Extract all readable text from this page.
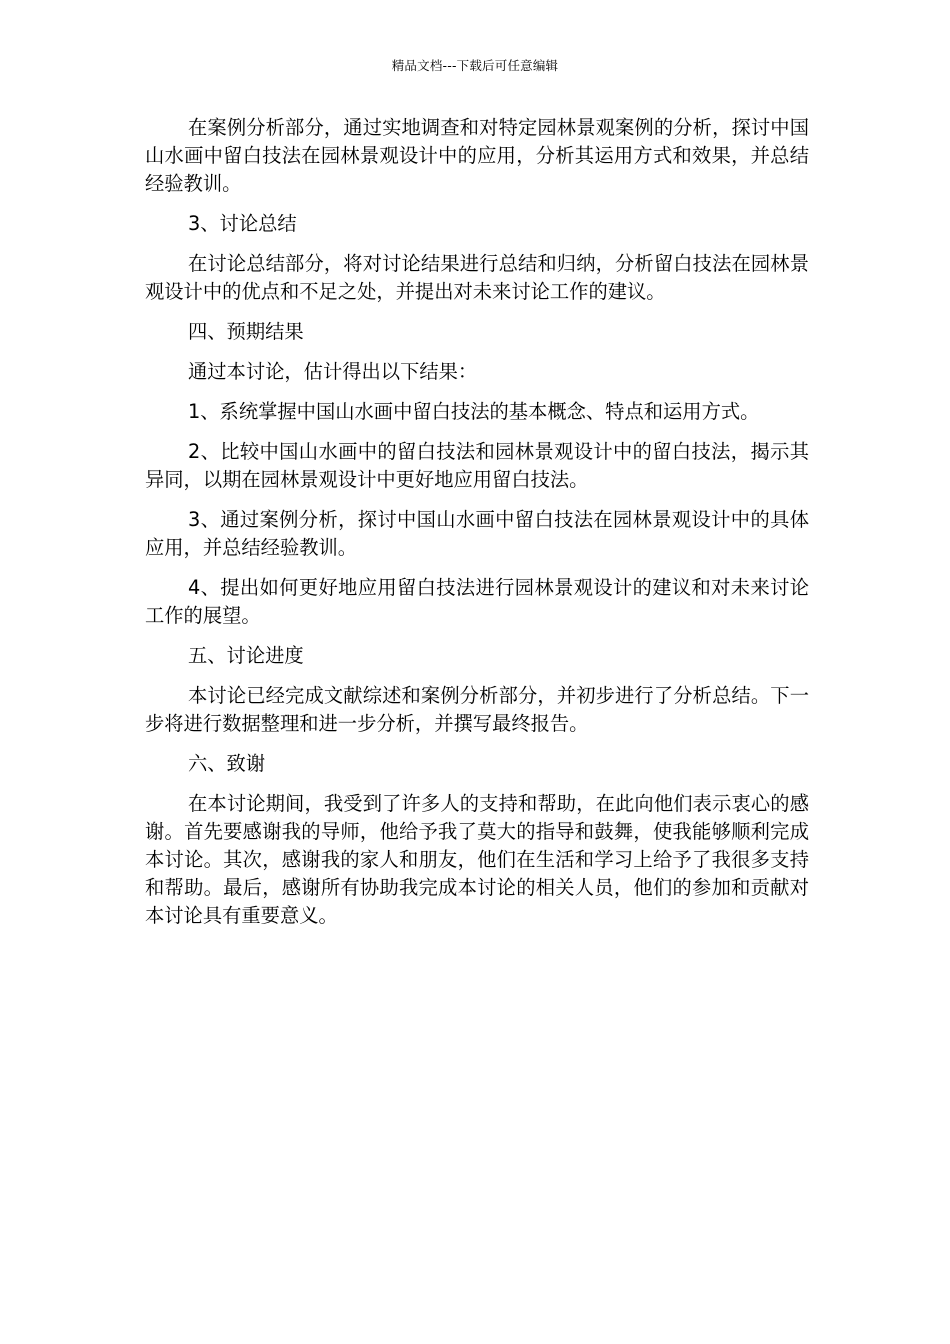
精品文档---下载后可任意编辑

在案例分析部分，通过实地调查和对特定园林景观案例的分析，探讨中国山水画中留白技法在园林景观设计中的应用，分析其运用方式和效果，并总结经验教训。

3、讨论总结

在讨论总结部分，将对讨论结果进行总结和归纳，分析留白技法在园林景观设计中的优点和不足之处，并提出对未来讨论工作的建议。

四、预期结果

通过本讨论，估计得出以下结果：

1、系统掌握中国山水画中留白技法的基本概念、特点和运用方式。

2、比较中国山水画中的留白技法和园林景观设计中的留白技法，揭示其异同，以期在园林景观设计中更好地应用留白技法。

3、通过案例分析，探讨中国山水画中留白技法在园林景观设计中的具体应用，并总结经验教训。

4、提出如何更好地应用留白技法进行园林景观设计的建议和对未来讨论工作的展望。

五、讨论进度

本讨论已经完成文献综述和案例分析部分，并初步进行了分析总结。下一步将进行数据整理和进一步分析，并撰写最终报告。

六、致谢

在本讨论期间，我受到了许多人的支持和帮助，在此向他们表示衷心的感谢。首先要感谢我的导师，他给予我了莫大的指导和鼓舞，使我能够顺利完成本讨论。其次，感谢我的家人和朋友，他们在生活和学习上给予了我很多支持和帮助。最后，感谢所有协助我完成本讨论的相关人员，他们的参加和贡献对本讨论具有重要意义。
